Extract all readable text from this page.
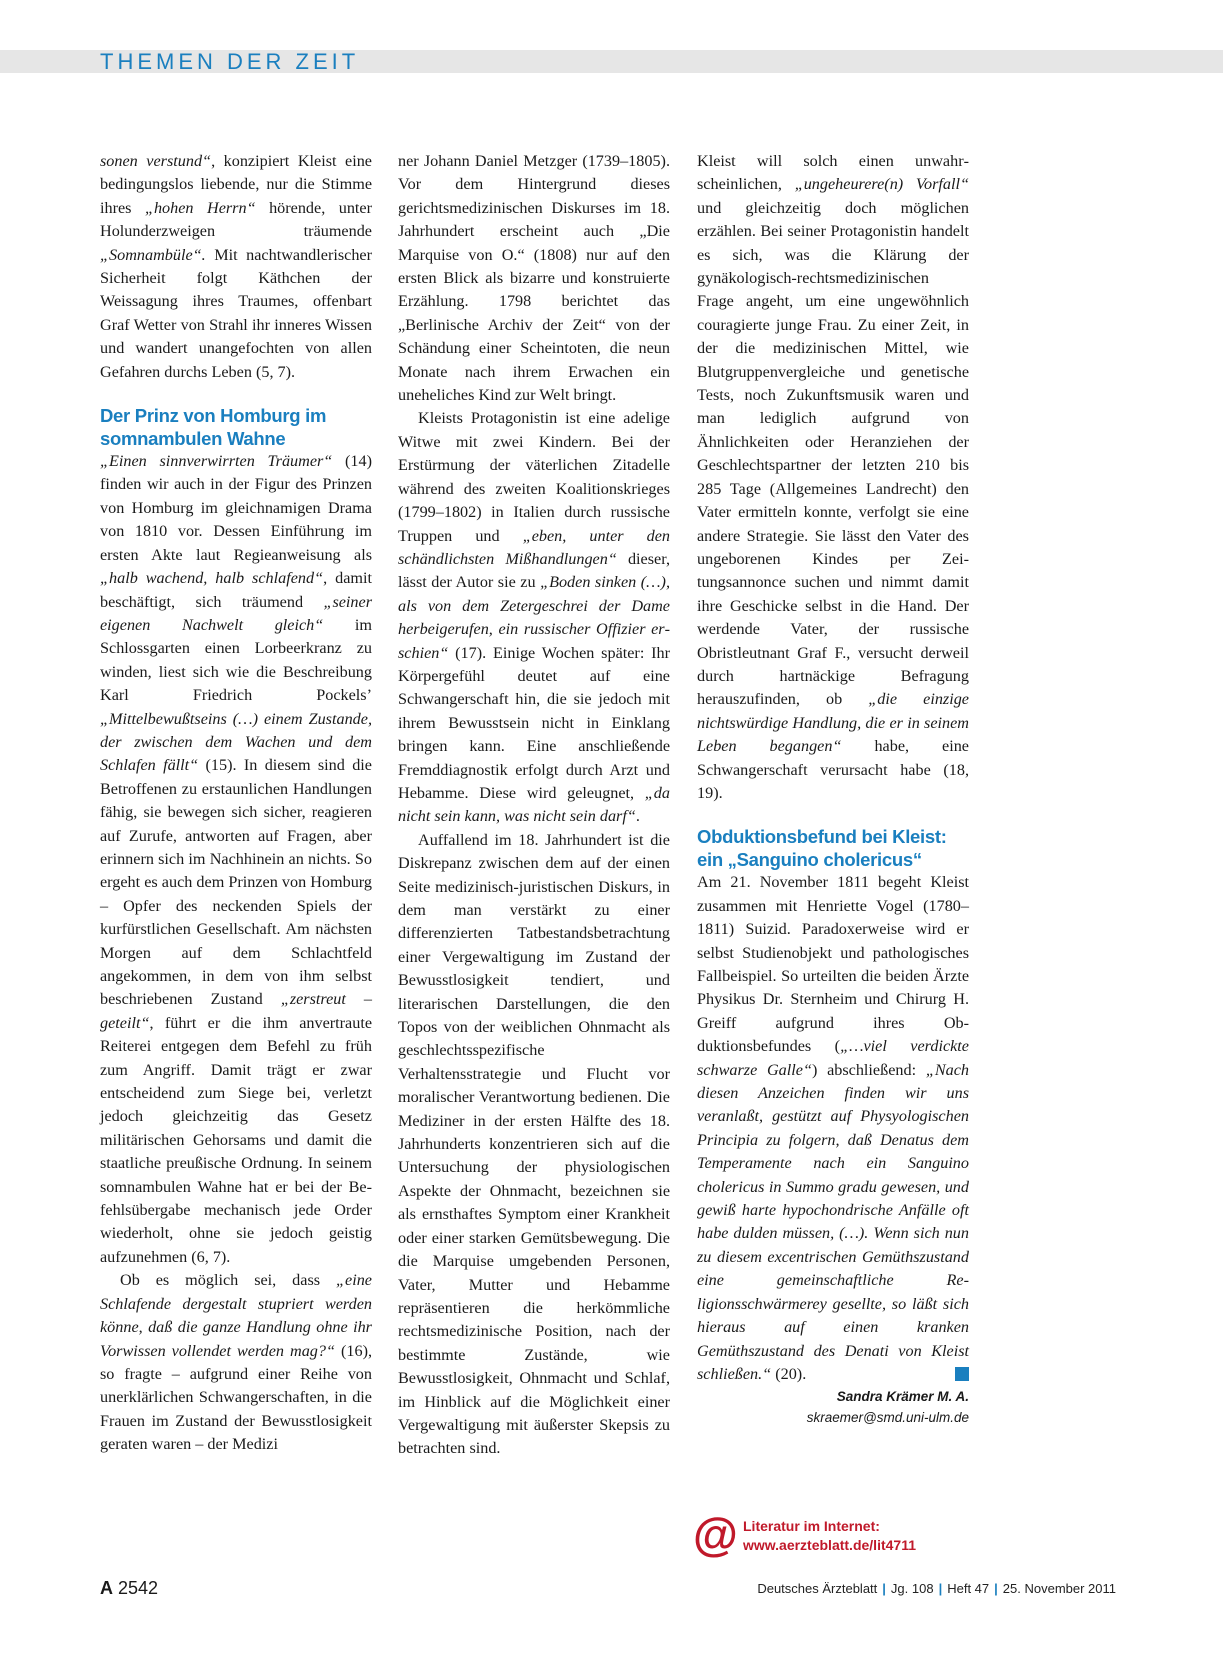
THEMEN DER ZEIT

sonen verstund“, konzipiert Kleist eine bedingungslos liebende, nur die Stimme ihres „hohen Herrn“ hörende, unter Holunderzweigen träumende „Somnambüle“. Mit nachtwandlerischer Sicherheit folgt Käthchen der Weissagung ihres Traumes, offenbart Graf Wetter von Strahl ihr inneres Wissen und wandert unangefochten von allen Gefahren durchs Leben (5, 7).

Der Prinz von Homburg im somnambulen Wahne

„Einen sinnverwirrten Träumer“ (14) finden wir auch in der Figur des Prinzen von Homburg im gleichnamigen Drama von 1810 vor. Dessen Einführung im ersten Akte laut Regieanweisung als „halb wachend, halb schlafend“, damit beschäftigt, sich träumend „seiner eigenen Nachwelt gleich“ im Schlossgarten einen Lorbeerkranz zu winden, liest sich wie die Beschreibung Karl Friedrich Pockels’ „Mittelbewußtseins (…) einem Zustande, der zwischen dem Wachen und dem Schlafen fällt“ (15). In diesem sind die Betroffenen zu erstaunlichen Handlungen fähig, sie bewegen sich sicher, reagieren auf Zurufe, antworten auf Fragen, aber erinnern sich im Nachhinein an nichts. So ergeht es auch dem Prinzen von Homburg – Opfer des neckenden Spiels der kurfürstlichen Gesellschaft. Am nächsten Morgen auf dem Schlachtfeld angekommen, in dem von ihm selbst beschriebenen Zustand „zerstreut – geteilt“, führt er die ihm anvertraute Reiterei entgegen dem Befehl zu früh zum Angriff. Damit trägt er zwar entscheidend zum Siege bei, verletzt jedoch gleichzeitig das Gesetz militärischen Gehorsams und damit die staatliche preußische Ordnung. In seinem somnambulen Wahne hat er bei der Befehlsübergabe mechanisch jede Order wiederholt, ohne sie jedoch geistig aufzunehmen (6, 7).

Ob es möglich sei, dass „eine Schlafende dergestalt stupriert werden könne, daß die ganze Handlung ohne ihr Vorwissen vollendet werden mag?“ (16), so fragte – aufgrund einer Reihe von unerklärlichen Schwangerschaften, in die Frauen im Zustand der Bewusstlosigkeit geraten waren – der Medizi

ner Johann Daniel Metzger (1739–1805). Vor dem Hintergrund dieses gerichtsmedizinischen Diskurses im 18. Jahrhundert erscheint auch „Die Marquise von O.“ (1808) nur auf den ersten Blick als bizarre und konstruierte Erzählung. 1798 berichtet das „Berlinische Archiv der Zeit“ von der Schändung einer Scheintoten, die neun Monate nach ihrem Erwachen ein uneheliches Kind zur Welt bringt.

Kleists Protagonistin ist eine adelige Witwe mit zwei Kindern. Bei der Erstürmung der väterlichen Zitadelle während des zweiten Koalitionskrieges (1799–1802) in Italien durch russische Truppen und „eben, unter den schändlichsten Mißhandlungen“ dieser, lässt der Autor sie zu „Boden sinken (…), als von dem Zetergeschrei der Dame herbeigerufen, ein russischer Offizier erschien“ (17). Einige Wochen später: Ihr Körpergefühl deutet auf eine Schwangerschaft hin, die sie jedoch mit ihrem Bewusstsein nicht in Einklang bringen kann. Eine anschließende Fremddiagnostik erfolgt durch Arzt und Hebamme. Diese wird geleugnet, „da nicht sein kann, was nicht sein darf“.

Auffallend im 18. Jahrhundert ist die Diskrepanz zwischen dem auf der einen Seite medizinisch-juristischen Diskurs, in dem man verstärkt zu einer differenzierten Tatbestandsbetrachtung einer Vergewaltigung im Zustand der Bewusstlosigkeit tendiert, und literarischen Darstellungen, die den Topos von der weiblichen Ohnmacht als geschlechtsspezifische Verhaltensstrategie und Flucht vor moralischer Verantwortung bedienen. Die Mediziner in der ersten Hälfte des 18. Jahrhunderts konzentrieren sich auf die Untersuchung der physiologischen Aspekte der Ohnmacht, bezeichnen sie als ernsthaftes Symptom einer Krankheit oder einer starken Gemütsbewegung. Die die Marquise umgebenden Personen, Vater, Mutter und Hebamme repräsentieren die herkömmliche rechtsmedizinische Position, nach der bestimmte Zustände, wie Bewusstlosigkeit, Ohnmacht und Schlaf, im Hinblick auf die Möglichkeit einer Vergewaltigung mit äußerster Skepsis zu betrachten sind.

Kleist will solch einen unwahrscheinlichen, „ungeheurere(n) Vorfall“ und gleichzeitig doch möglichen erzählen. Bei seiner Protagonistin handelt es sich, was die Klärung der gynäkologisch-rechtsmedizinischen Frage angeht, um eine ungewöhnlich couragierte junge Frau. Zu einer Zeit, in der die medizinischen Mittel, wie Blutgruppenvergleiche und genetische Tests, noch Zukunftsmusik waren und man lediglich aufgrund von Ähnlichkeiten oder Heranziehen der Geschlechtspartner der letzten 210 bis 285 Tage (Allgemeines Landrecht) den Vater ermitteln konnte, verfolgt sie eine andere Strategie. Sie lässt den Vater des ungeborenen Kindes per Zeitungsannonce suchen und nimmt damit ihre Geschicke selbst in die Hand. Der werdende Vater, der russische Obristleutnant Graf F., versucht derweil durch hartnäckige Befragung herauszufinden, ob „die einzige nichtswürdige Handlung, die er in seinem Leben begangen“ habe, eine Schwangerschaft verursacht habe (18, 19).

Obduktionsbefund bei Kleist: ein „Sanguino cholericus“

Am 21. November 1811 begeht Kleist zusammen mit Henriette Vogel (1780–1811) Suizid. Paradoxerweise wird er selbst Studienobjekt und pathologisches Fallbeispiel. So urteilten die beiden Ärzte Physikus Dr. Sternheim und Chirurg H. Greiff aufgrund ihres Obduktionsbefundes („…viel verdickte schwarze Galle“) abschließend: „Nach diesen Anzeichen finden wir uns veranlaßt, gestützt auf Physyologischen Principia zu folgern, daß Denatus dem Temperamente nach ein Sanguino cholericus in Summo gradu gewesen, und gewiß harte hypochondrische Anfälle oft habe dulden müssen, (…). Wenn sich nun zu diesem excentrischen Gemüthszustand eine gemeinschaftliche Religionsschwärmerey gesellte, so läßt sich hieraus auf einen kranken Gemüthszustand des Denati von Kleist schließen.“ (20).

Sandra Krämer M. A.
skraemer@smd.uni-ulm.de
@ Literatur im Internet:
www.aerzteblatt.de/lit4711
A 2542	Deutsches Ärzteblatt | Jg. 108 | Heft 47 | 25. November 2011
